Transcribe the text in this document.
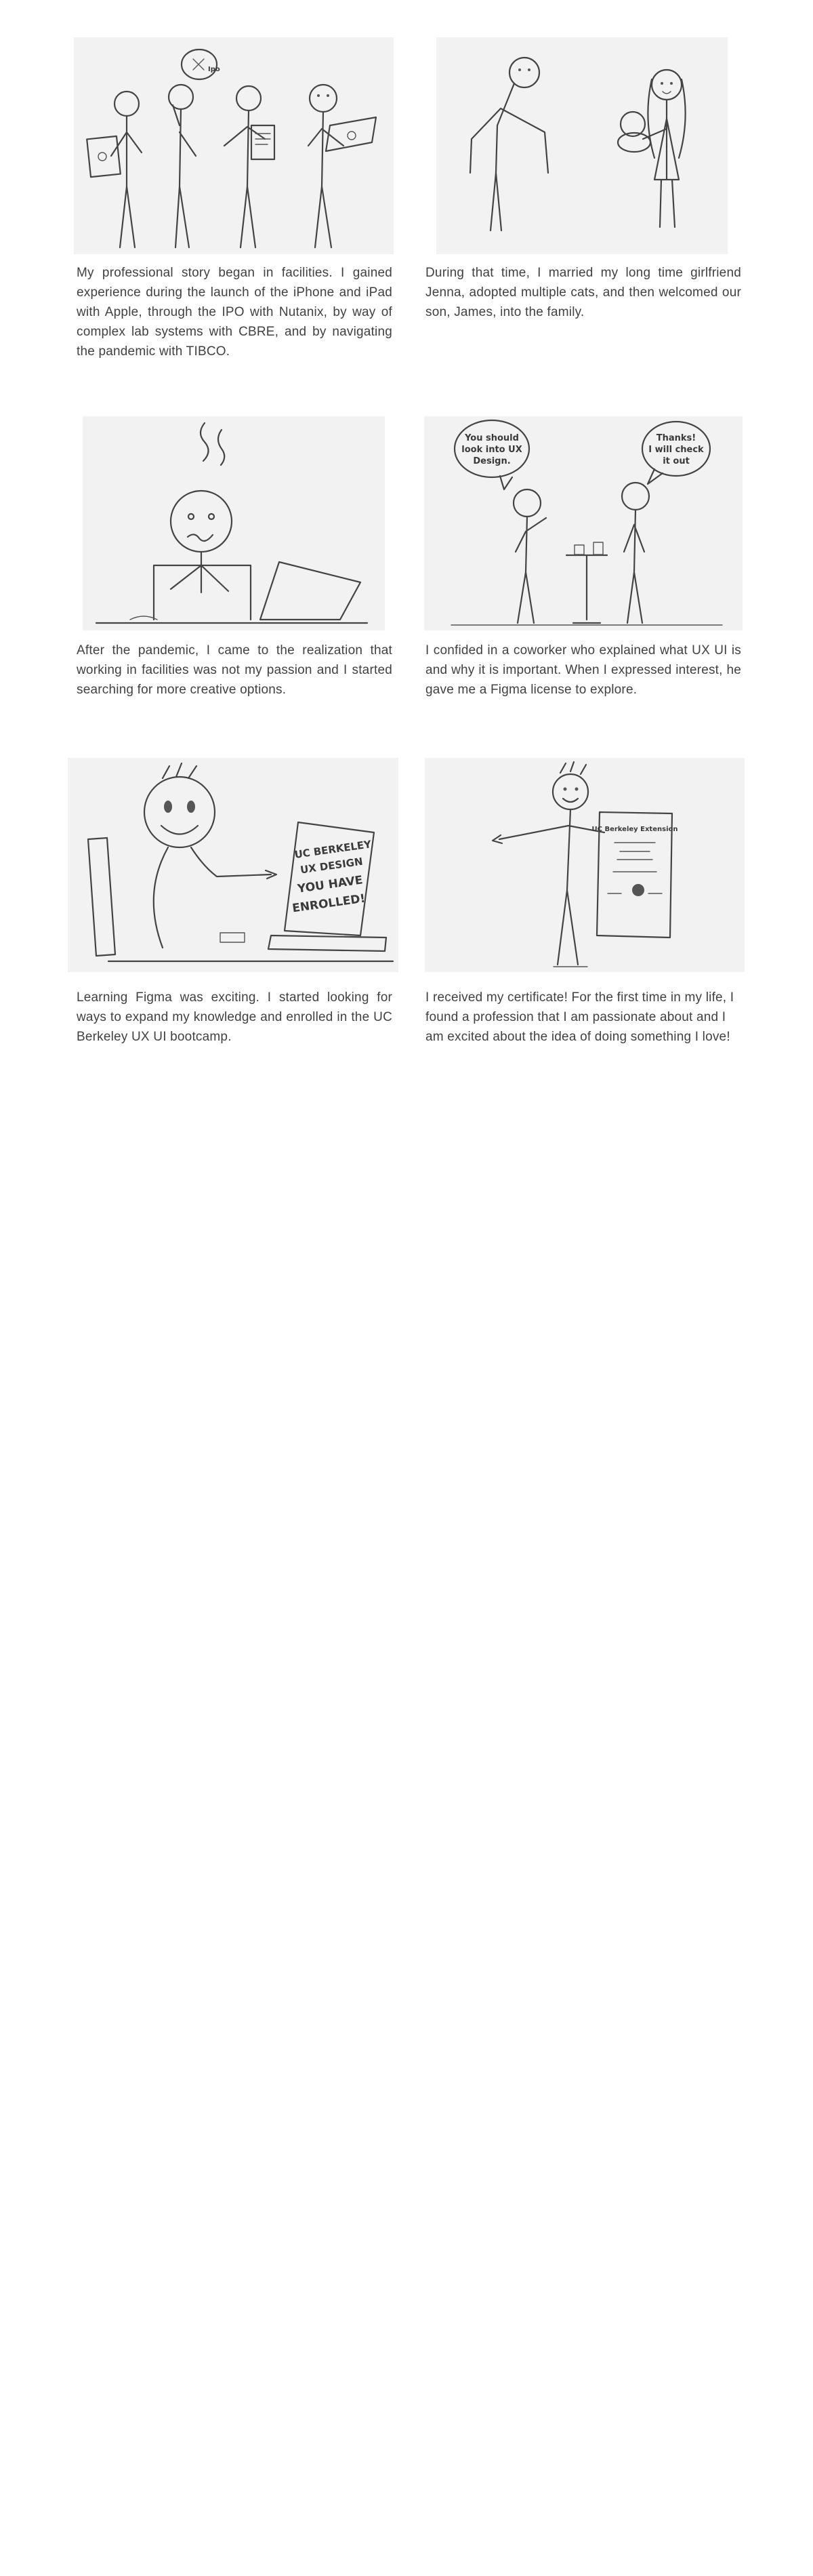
Ipo

My professional story began in facilities. I gained experience during the launch of the iPhone and iPad with Apple, through the IPO with Nutanix, by way of complex lab systems with CBRE, and by navigating the pandemic with TIBCO.

During that time, I married my long time girlfriend Jenna, adopted multiple cats, and then welcomed our son, James, into the family.

After the pandemic, I came to the realization that working in facilities was not my passion and I started searching for more creative options.

You should
look into UX
Design.
Thanks!
I will check
it out

I confided in a coworker who explained what UX UI is and why it is important. When I expressed interest, he gave me a Figma license to explore.

UC BERKELEY
UX DESIGN
YOU HAVE
ENROLLED!

Learning Figma was exciting. I started looking for ways to expand my knowledge and enrolled in the UC Berkeley UX UI bootcamp.

UC Berkeley Extension

I received my certificate! For the first time in my life, I found a profession that I am passionate about and I am excited about the idea of doing something I love!
